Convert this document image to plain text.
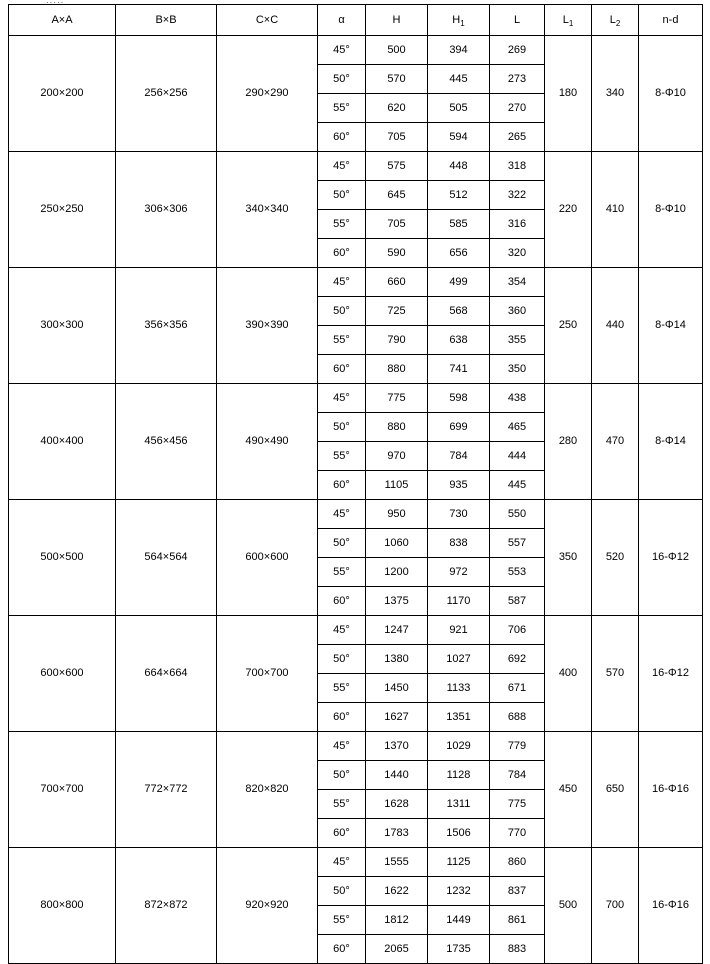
·····
A×A	B×B	C×C	α	H	$H_1$	L	$L_1$	$L_2$	n-d
200×200	256×256	290×290	45°	500	394	269	180	340	8-Φ10
			50°	570	445	273			
			55°	620	505	270			
			60°	705	594	265			
250×250	306×306	340×340	45°	575	448	318	220	410	8-Φ10
			50°	645	512	322			
			55°	705	585	316			
			60°	590	656	320			
300×300	356×356	390×390	45°	660	499	354	250	440	8-Φ14
			50°	725	568	360			
			55°	790	638	355			
			60°	880	741	350			
400×400	456×456	490×490	45°	775	598	438	280	470	8-Φ14
			50°	880	699	465			
			55°	970	784	444			
			60°	1105	935	445			
500×500	564×564	600×600	45°	950	730	550	350	520	16-Φ12
			50°	1060	838	557			
			55°	1200	972	553			
			60°	1375	1170	587			
600×600	664×664	700×700	45°	1247	921	706	400	570	16-Φ12
			50°	1380	1027	692			
			55°	1450	1133	671			
			60°	1627	1351	688			
700×700	772×772	820×820	45°	1370	1029	779	450	650	16-Φ16
			50°	1440	1128	784			
			55°	1628	1311	775			
			60°	1783	1506	770			
800×800	872×872	920×920	45°	1555	1125	860	500	700	16-Φ16
			50°	1622	1232	837			
			55°	1812	1449	861			
			60°	2065	1735	883			
